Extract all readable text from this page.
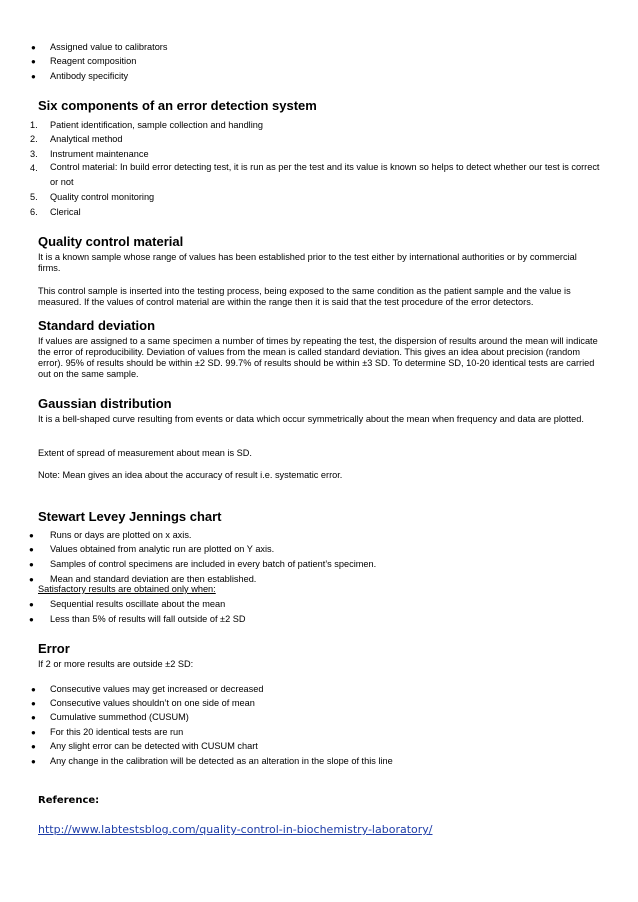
● Assigned value to calibrators
● Reagent composition
● Antibody specificity
Six components of an error detection system
1. Patient identification, sample collection and handling
2. Analytical method
3. Instrument maintenance
4. Control material: In build error detecting test, it is run as per the test and its value is known so helps to detect whether our test is correct or not
5. Quality control monitoring
6. Clerical
Quality control material
It is a known sample whose range of values has been established prior to the test either by international authorities or by commercial firms.
This control sample is inserted into the testing process, being exposed to the same condition as the patient sample and the value is measured. If the values of control material are within the range then it is said that the test procedure of the error detectors.
Standard deviation
If values are assigned to a same specimen a number of times by repeating the test, the dispersion of results around the mean will indicate the error of reproducibility. Deviation of values from the mean is called standard deviation. This gives an idea about precision (random error). 95% of results should be within ±2 SD. 99.7% of results should be within ±3 SD. To determine SD, 10-20 identical tests are carried out on the same sample.
Gaussian distribution
It is a bell-shaped curve resulting from events or data which occur symmetrically about the mean when frequency and data are plotted.
Extent of spread of measurement about mean is SD.
Note: Mean gives an idea about the accuracy of result i.e. systematic error.
Stewart Levey Jennings chart
● Runs or days are plotted on x axis.
● Values obtained from analytic run are plotted on Y axis.
● Samples of control specimens are included in every batch of patient’s specimen.
● Mean and standard deviation are then established.
Satisfactory results are obtained only when:
● Sequential results oscillate about the mean
● Less than 5% of results will fall outside of ±2 SD
Error
If 2 or more results are outside ±2 SD:
● Consecutive values may get increased or decreased
● Consecutive values shouldn’t on one side of mean
● Cumulative summethod (CUSUM)
● For this 20 identical tests are run
● Any slight error can be detected with CUSUM chart
● Any change in the calibration will be detected as an alteration in the slope of this line
Reference:
http://www.labtestsblog.com/quality-control-in-biochemistry-laboratory/
